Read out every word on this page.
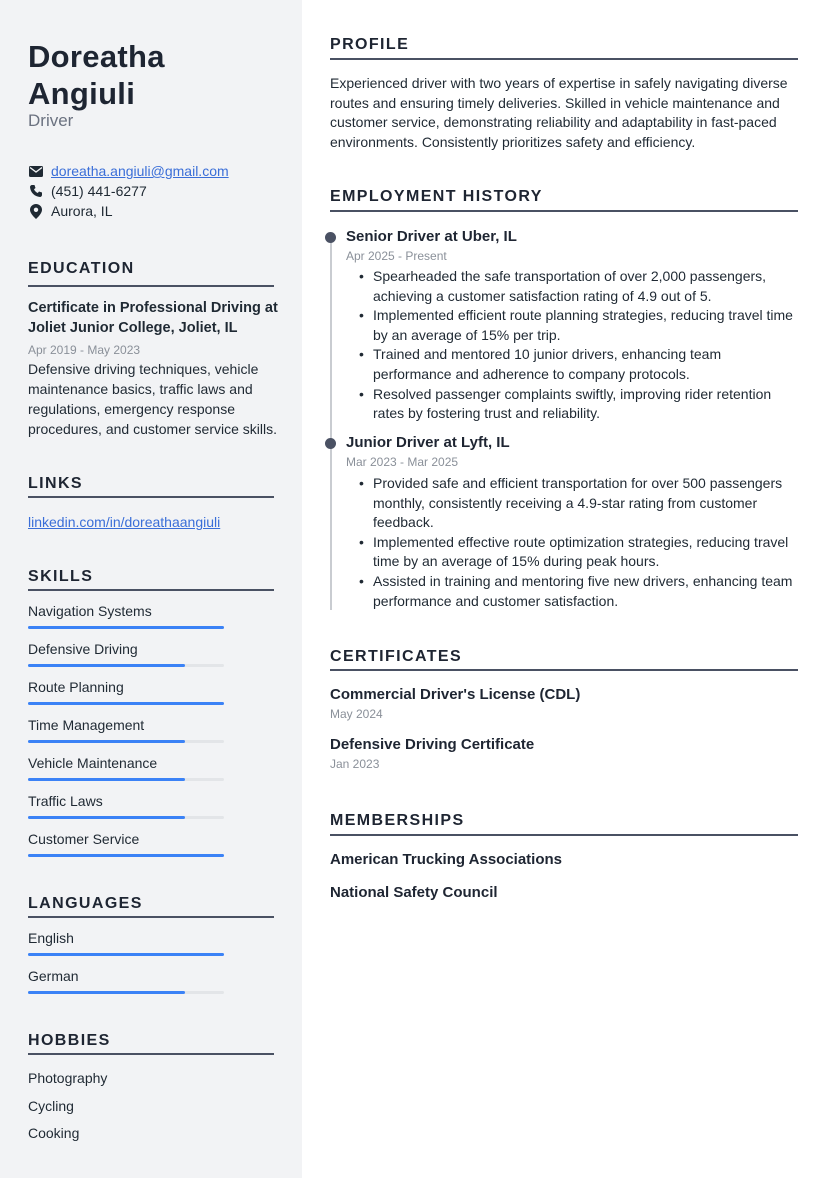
Doreatha
Angiuli
Driver
doreatha.angiuli@gmail.com
(451) 441-6277
Aurora, IL
EDUCATION
Certificate in Professional Driving at
Joliet Junior College, Joliet, IL
Apr 2019 - May 2023
Defensive driving techniques, vehicle maintenance basics, traffic laws and regulations, emergency response procedures, and customer service skills.
LINKS
linkedin.com/in/doreathaangiuli
SKILLS
Navigation Systems
Defensive Driving
Route Planning
Time Management
Vehicle Maintenance
Traffic Laws
Customer Service
LANGUAGES
English
German
HOBBIES
Photography
Cycling
Cooking
PROFILE
Experienced driver with two years of expertise in safely navigating diverse routes and ensuring timely deliveries. Skilled in vehicle maintenance and customer service, demonstrating reliability and adaptability in fast-paced environments. Consistently prioritizes safety and efficiency.
EMPLOYMENT HISTORY
Senior Driver at Uber, IL
Apr 2025 - Present
• Spearheaded the safe transportation of over 2,000 passengers, achieving a customer satisfaction rating of 4.9 out of 5.
• Implemented efficient route planning strategies, reducing travel time by an average of 15% per trip.
• Trained and mentored 10 junior drivers, enhancing team performance and adherence to company protocols.
• Resolved passenger complaints swiftly, improving rider retention rates by fostering trust and reliability.
Junior Driver at Lyft, IL
Mar 2023 - Mar 2025
• Provided safe and efficient transportation for over 500 passengers monthly, consistently receiving a 4.9-star rating from customer feedback.
• Implemented effective route optimization strategies, reducing travel time by an average of 15% during peak hours.
• Assisted in training and mentoring five new drivers, enhancing team performance and customer satisfaction.
CERTIFICATES
Commercial Driver's License (CDL)
May 2024
Defensive Driving Certificate
Jan 2023
MEMBERSHIPS
American Trucking Associations
National Safety Council
